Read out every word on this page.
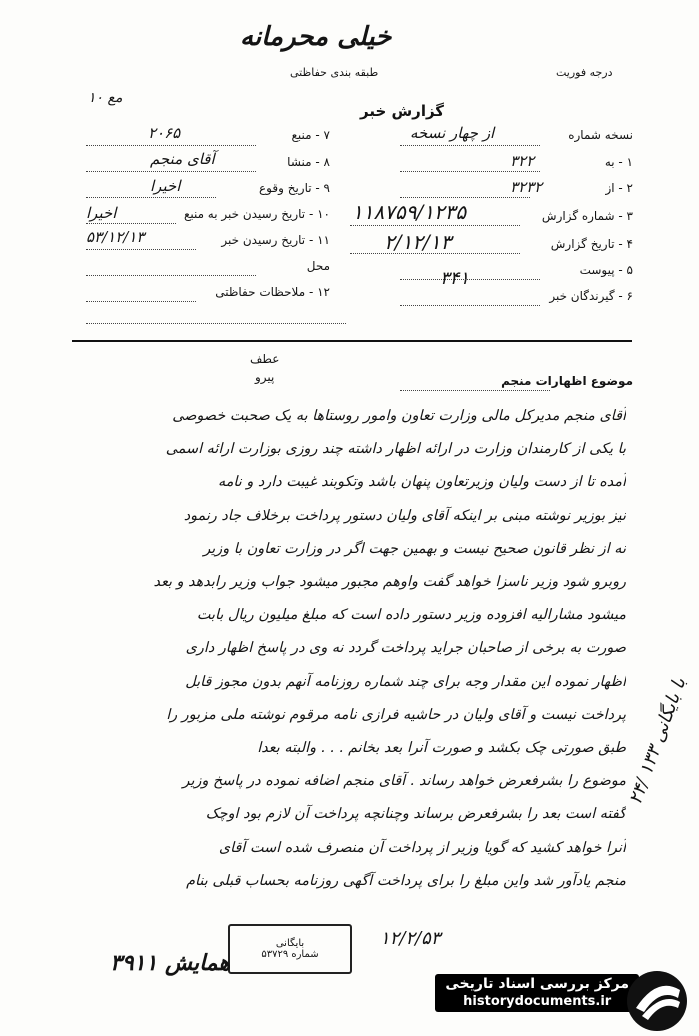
خیلی محرمانه
طبقه بندی حفاظتی	درجه فوریت
مع ۱۰
گزارش خبر
نسخه شماره
از چهار نسخه
۱ - به
۳۲۲
۲ - از
۳۲۳۲
۳ - شماره گزارش
۱۱۸۷۵۹/۱۲۳۵
۴ - تاریخ گزارش
۲/۱۲/۱۳
۵ - پیوست
۶ - گیرندگان خبر
۳۴۱
۷ - منبع
۲۰۶۵
۸ - منشا
آقای منجم
۹ - تاریخ وقوع
اخیرا
۱۰ - تاریخ رسیدن خبر به منبع
اخیرا
۱۱ - تاریخ رسیدن خبر
۵۳/۱۲/۱۳
محل
۱۲ - ملاحظات حفاظتی
عطف
پیرو	موضوع اظهارات منجم
آقای منجم مدیرکل مالی وزارت تعاون وامور روستاها به یک صحبت خصوصی
با یکی از کارمندان وزارت در ارائه اظهار داشته چند روزی بوزارت ارائه اسمی
آمده تا از دست ولیان وزیرتعاون پنهان باشد وتکوبند غیبت دارد و نامه
نیز بوزیر نوشته مبنی بر اینکه آقای ولیان دستور پرداخت برخلاف جاد رنمود
نه از نظر قانون صحیح نیست و بهمین جهت اگر در وزارت تعاون با وزیر
روبرو شود وزیر ناسزا خواهد گفت واوهم مجبور میشود جواب وزیر رابدهد و بعد
میشود مشارالیه افزوده وزیر دستور داده است که مبلغ میلیون ریال بابت
صورت به برخی از صاحبان جراید پرداخت گردد نه وی در پاسخ اظهار داری
اظهار نموده این مقدار وجه برای چند شماره روزنامه آنهم بدون مجوز قابل
پرداخت نیست و آقای ولیان در حاشیه فرازی نامه مرقوم نوشته ملی مزبور را
طبق صورتی چک بکشد و صورت آنرا بعد بخانم . . . والبته بعدا
موضوع را بشرفعرض خواهد رساند . آقای منجم اضافه نموده در پاسخ وزیر
گفته است بعد را بشرفعرض برساند وچنانچه پرداخت آن لازم بود اوچک
آنرا خواهد کشید که گویا وزیر از پرداخت آن منصرف شده است آقای
منجم یادآور شد واین مبلغ را برای پرداخت آگهی روزنامه بحساب قبلی بنام
۲۴/ با بایگانی ۱۳۳
بایگانی
شماره ۵۳۷۲۹
۳۹۱۱ همایش
۱۲/۲/۵۳
مرکز بررسی اسناد تاریخی
historydocuments.ir
